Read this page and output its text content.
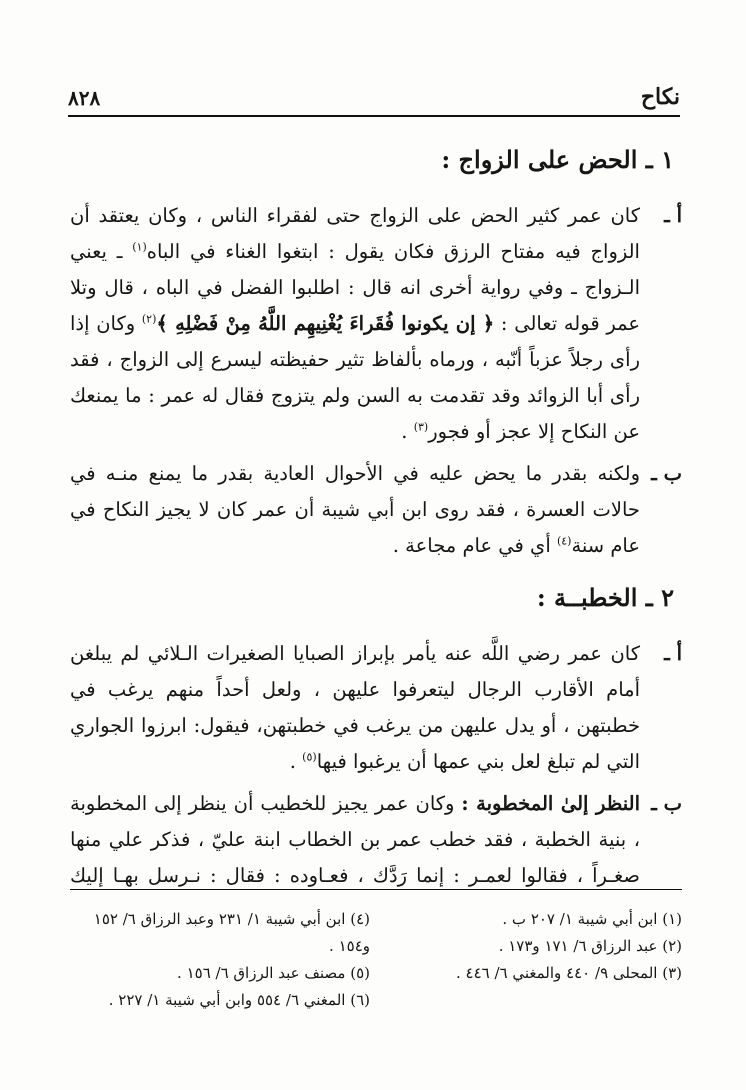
نكاح
٨٢٨
١ ـ الحض على الزواج :
أ ـ
كان عمر كثير الحض على الزواج حتى لفقراء الناس ، وكان يعتقد أن الزواج فيه مفتاح الرزق فكان يقول : ابتغوا الغناء في الباه$^{(١)}$ ـ يعني الـزواج ـ وفي رواية أخرى انه قال : اطلبوا الفضل في الباه ، قال وتلا عمر قوله تعالى : ﴿ إن يكونوا فُقَراءَ يُغْنِيهِم اللَّهُ مِنْ فَضْلِهِ ﴾$^{(٢)}$ وكان إذا رأى رجلاً عزباً أنّبه ، ورماه بألفاظ تثير حفيظته ليسرع إلى الزواج ، فقد رأى أبا الزوائد وقد تقدمت به السن ولم يتزوج فقال له عمر : ما يمنعك عن النكاح إلا عجز أو فجور$^{(٣)}$ .
ب ـ
ولكنه بقدر ما يحض عليه في الأحوال العادية بقدر ما يمنع منـه في حالات العسرة ، فقد روى ابن أبي شيبة أن عمر كان لا يجيز النكاح في عام سنة$^{(٤)}$ أي في عام مجاعة .
٢ ـ الخطبــة :
أ ـ
كان عمر رضي اللَّه عنه يأمر بإبراز الصبايا الصغيرات الـلائي لم يبلغن أمام الأقارب الرجال ليتعرفوا عليهن ، ولعل أحداً منهم يرغب في خطبتهن ، أو يدل عليهن من يرغب في خطبتهن، فيقول: ابرزوا الجواري التي لم تبلغ لعل بني عمها أن يرغبوا فيها$^{(٥)}$ .
ب ـ
النظر إلىٰ المخطوبة : وكان عمر يجيز للخطيب أن ينظر إلى المخطوبة ، بنية الخطبة ، فقد خطب عمر بن الخطاب ابنة عليّ ، فذكر علي منها صغـراً ، فقالوا لعمـر : إنما رَدَّك ، فعـاوده : فقال : نـرسل بهـا إليك
(١) ابن أبي شيبة ١/ ٢٠٧ ب .
(٢) عبد الرزاق ٦/ ١٧١ و١٧٣ .
(٣) المحلى ٩/ ٤٤٠ والمغني ٦/ ٤٤٦ .
(٤) ابن أبي شيبة ١/ ٢٣١ وعبد الرزاق ٦/ ١٥٢ و١٥٤ .
(٥) مصنف عبد الرزاق ٦/ ١٥٦ .
(٦) المغني ٦/ ٥٥٤ وابن أبي شيبة ١/ ٢٢٧ .
